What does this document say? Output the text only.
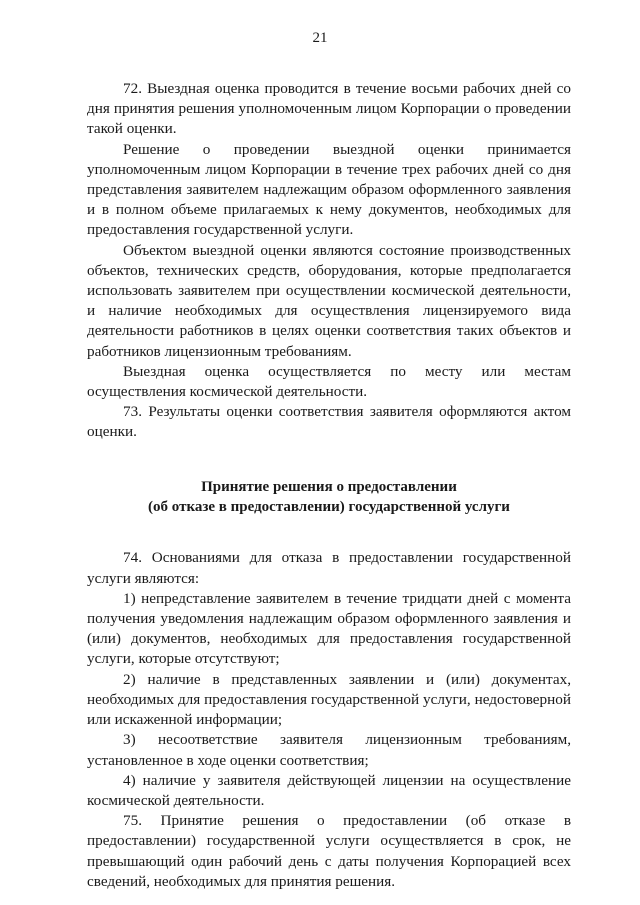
21

72. Выездная оценка проводится в течение восьми рабочих дней со дня принятия решения уполномоченным лицом Корпорации о проведении такой оценки.

Решение о проведении выездной оценки принимается уполномоченным лицом Корпорации в течение трех рабочих дней со дня представления заявителем надлежащим образом оформленного заявления и в полном объеме прилагаемых к нему документов, необходимых для предоставления государственной услуги.

Объектом выездной оценки являются состояние производственных объектов, технических средств, оборудования, которые предполагается использовать заявителем при осуществлении космической деятельности, и наличие необходимых для осуществления лицензируемого вида деятельности работников в целях оценки соответствия таких объектов и работников лицензионным требованиям.

Выездная оценка осуществляется по месту или местам осуществления космической деятельности.

73. Результаты оценки соответствия заявителя оформляются актом оценки.

Принятие решения о предоставлении
(об отказе в предоставлении) государственной услуги

74. Основаниями для отказа в предоставлении государственной услуги являются:

1) непредставление заявителем в течение тридцати дней с момента получения уведомления надлежащим образом оформленного заявления и (или) документов, необходимых для предоставления государственной услуги, которые отсутствуют;

2) наличие в представленных заявлении и (или) документах, необходимых для предоставления государственной услуги, недостоверной или искаженной информации;

3) несоответствие заявителя лицензионным требованиям, установленное в ходе оценки соответствия;

4) наличие у заявителя действующей лицензии на осуществление космической деятельности.

75. Принятие решения о предоставлении (об отказе в предоставлении) государственной услуги осуществляется в срок, не превышающий один рабочий день с даты получения Корпорацией всех сведений, необходимых для принятия решения.
